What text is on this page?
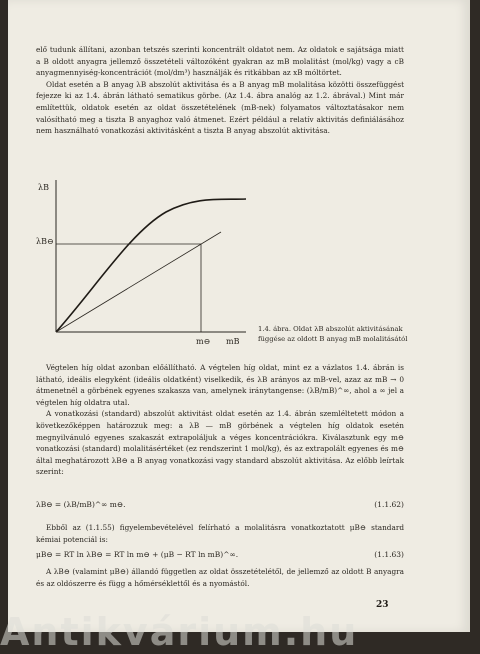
elő tudunk állítani, azonban tetszés szerinti koncentrált oldatot nem. Az oldatok e sajátsága miatt a B oldott anyagra jellemző összetételi változóként gyakran az mB molalitást (mol/kg) vagy a cB anyagmennyiség-koncentrációt (mol/dm³) használják és ritkábban az xB móltörtet.

Oldat esetén a B anyag λB abszolút aktivitása és a B anyag mB molalitása közötti összefüggést fejezze ki az 1.4. ábrán látható sematikus görbe. (Az 1.4. ábra analóg az 1.2. ábrával.) Mint már említettük, oldatok esetén az oldat összetételének (mB-nek) folyamatos változtatásakor nem valósítható meg a tiszta B anyaghoz való átmenet. Ezért például a relatív aktivitás definiálásához nem használható vonatkozási aktivitásként a tiszta B anyag abszolút aktivitása.

λB
λB⊖
m⊖ mB
1.4. ábra. Oldat λB abszolút aktivitásának függése az oldott B anyag mB molalitásától

Végtelen híg oldat azonban előállítható. A végtelen híg oldat, mint ez a vázlatos 1.4. ábrán is látható, ideális elegyként (ideális oldatként) viselkedik, és λB arányos az mB-vel, azaz az mB → 0 átmenetnél a görbének egyenes szakasza van, amelynek iránytangense: (λB/mB)^∞, ahol a ∞ jel a végtelen híg oldatra utal.

A vonatkozási (standard) abszolút aktivitást oldat esetén az 1.4. ábrán szemléltetett módon a következőképpen határozzuk meg: a λB — mB görbének a végtelen híg oldatok esetén megnyilvánuló egyenes szakaszát extrapoláljuk a véges koncentrációkra. Kiválasztunk egy m⊖ vonatkozási (standard) molalitásértéket (ez rendszerint 1 mol/kg), és az extrapolált egyenes és m⊖ által meghatározott λB⊖ a B anyag vonatkozási vagy standard abszolút aktivitása. Az előbb leírtak szerint:

λB⊖ = (λB/mB)^∞ m⊖.	(1.1.62)

Ebből az (1.1.55) figyelembevételével felírható a molalitásra vonatkoztatott μB⊖ standard kémiai potenciál is:

μB⊖ = RT ln λB⊖ = RT ln m⊖ + (μB − RT ln mB)^∞.	(1.1.63)

A λB⊖ (valamint μB⊖) állandó független az oldat összetételétől, de jellemző az oldott B anyagra és az oldószerre és függ a hőmérséklettől és a nyomástól.

23
Antikvárium.hu
